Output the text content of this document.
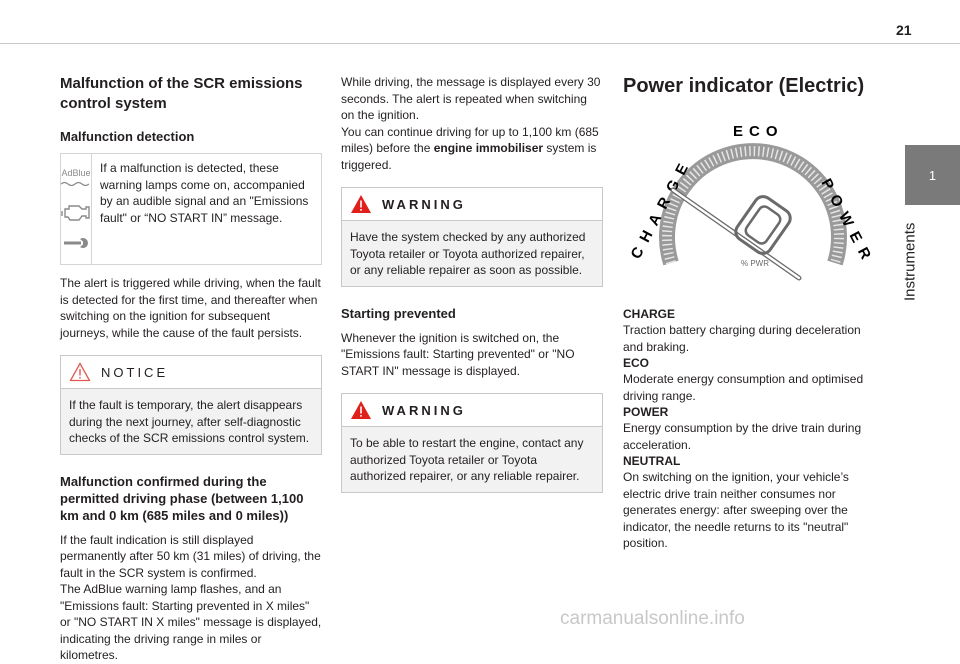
21
1
Instruments
Malfunction of the SCR emissions control system
Malfunction detection
AdBlue If a malfunction is detected, these warning lamps come on, accompanied by an audible signal and an "Emissions fault" or “NO START IN” message.

The alert is triggered while driving, when the fault is detected for the first time, and thereafter when switching on the ignition for subsequent journeys, while the cause of the fault persists.

NOTICE
If the fault is temporary, the alert disappears during the next journey, after self-diagnostic checks of the SCR emissions control system.
Malfunction confirmed during the permitted driving phase (between 1,100 km and 0 km (685 miles and 0 miles))

If the fault indication is still displayed permanently after 50 km (31 miles) of driving, the fault in the SCR system is confirmed.

The AdBlue warning lamp flashes, and an "Emissions fault: Starting prevented in X miles" or "NO START IN X miles" message is displayed, indicating the driving range in miles or kilometres.

While driving, the message is displayed every 30 seconds. The alert is repeated when switching on the ignition.

You can continue driving for up to 1,100 km (685 miles) before the engine immobiliser system is triggered.

WARNING
Have the system checked by any authorized Toyota retailer or Toyota authorized repairer, or any reliable repairer as soon as possible.
Starting prevented

Whenever the ignition is switched on, the "Emissions fault: Starting prevented" or "NO START IN" message is displayed.

WARNING
To be able to restart the engine, contact any authorized Toyota retailer or Toyota authorized repairer, or any reliable repairer.
Power indicator (Electric)
CHARGE
ECO
POWER
% PWR
CHARGE
Traction battery charging during deceleration and braking.
ECO
Moderate energy consumption and optimised driving range.
POWER
Energy consumption by the drive train during acceleration.
NEUTRAL
On switching on the ignition, your vehicle’s electric drive train neither consumes nor generates energy: after sweeping over the indicator, the needle returns to its "neutral" position.
carmanualsonline.info
